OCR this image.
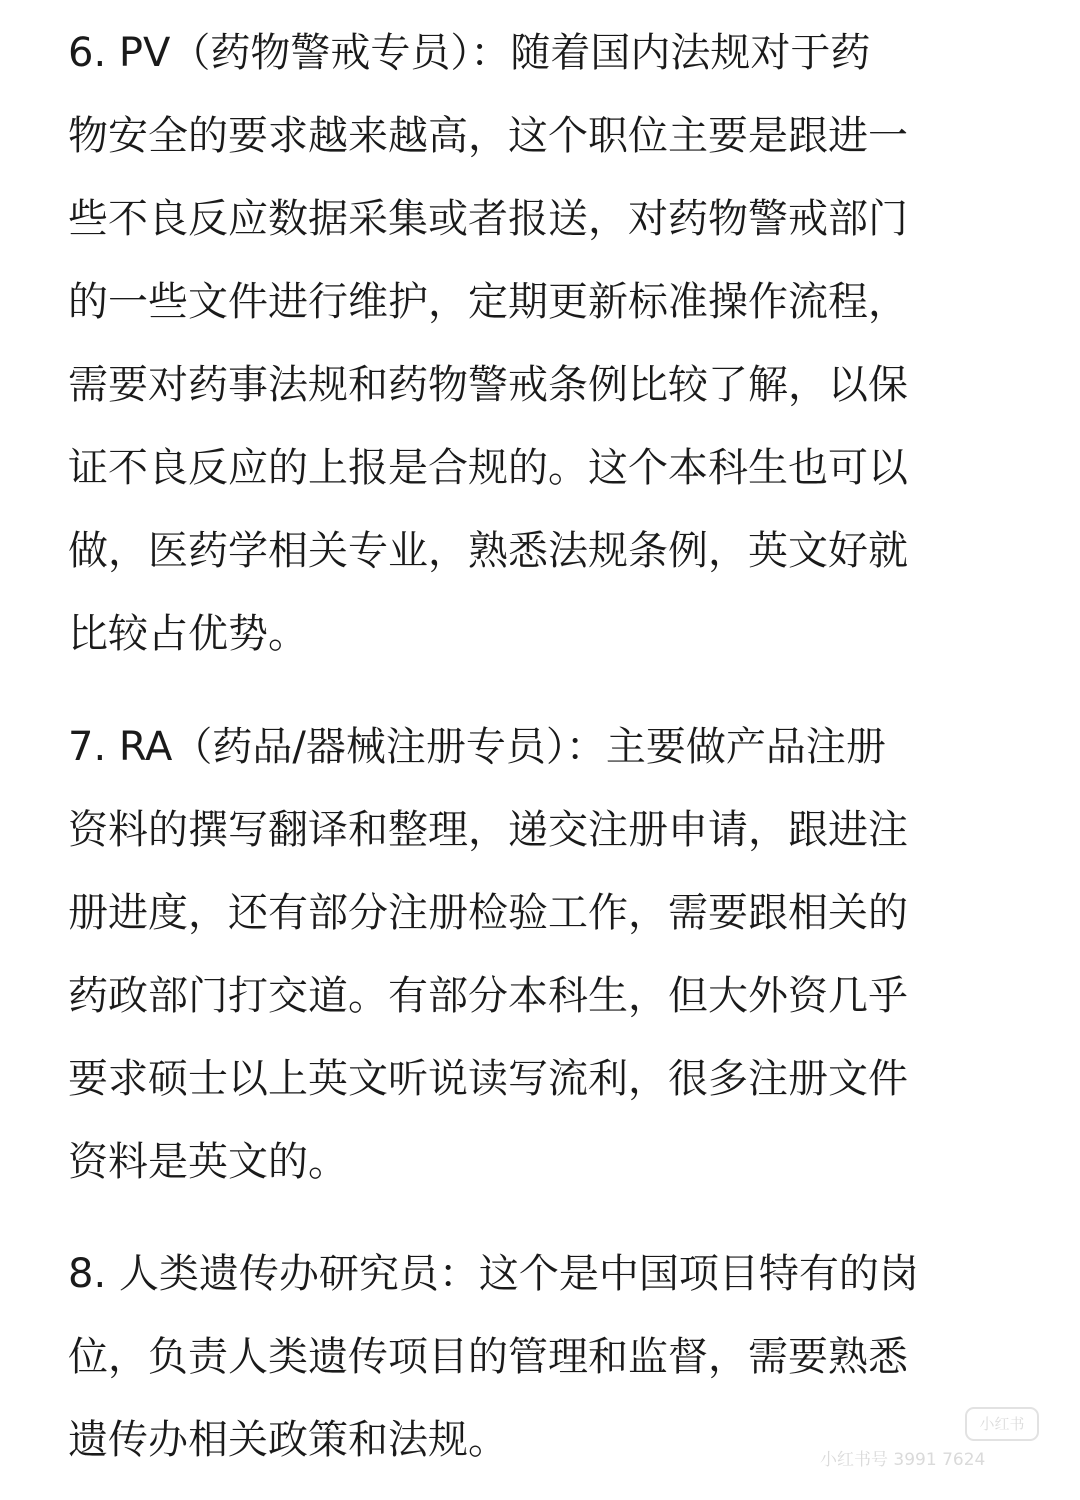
6. PV（药物警戒专员）：随着国内法规对于药
物安全的要求越来越高，这个职位主要是跟进一
些不良反应数据采集或者报送，对药物警戒部门
的一些文件进行维护，定期更新标准操作流程，
需要对药事法规和药物警戒条例比较了解，以保
证不良反应的上报是合规的。这个本科生也可以
做，医药学相关专业，熟悉法规条例，英文好就
比较占优势。
7. RA（药品/器械注册专员）：主要做产品注册
资料的撰写翻译和整理，递交注册申请，跟进注
册进度，还有部分注册检验工作，需要跟相关的
药政部门打交道。有部分本科生，但大外资几乎
要求硕士以上英文听说读写流利，很多注册文件
资料是英文的。
8. 人类遗传办研究员：这个是中国项目特有的岗
位，负责人类遗传项目的管理和监督，需要熟悉
遗传办相关政策和法规。	小红书
小红书号 3991 7624
